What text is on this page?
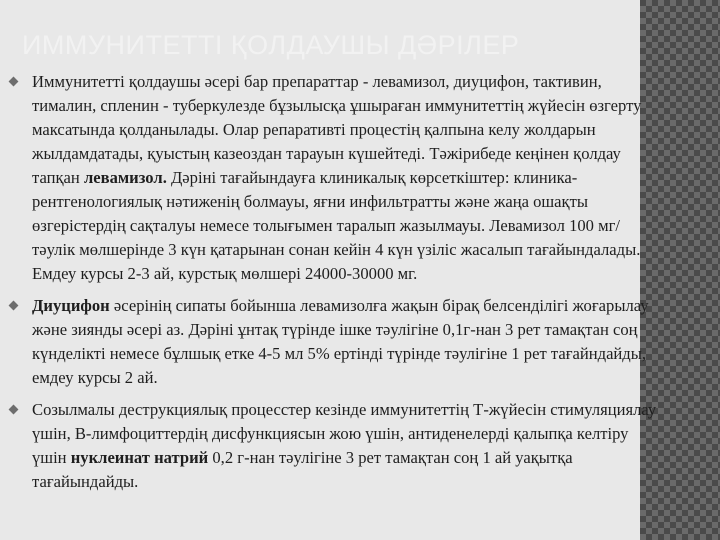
ИММУНИТЕТТІ ҚОЛДАУШЫ ДӘРІЛЕР
Иммунитетті қолдаушы әсері бар препараттар - левамизол, диуцифон, тактивин, тималин, спленин - туберкулезде бұзылысқа ұшыраған иммунитеттің жүйесін өзгерту максатында қолданылады. Олар репаративті процестің қалпына келу жолдарын жылдамдатады, қуыстың казеоздан тарауын күшейтеді. Тәжірибеде кеңінен қолдау тапқан левамизол. Дәріні тағайындауға клиникалық көрсеткіштер: клиника-рентгенологиялық нәтиженің болмауы, яғни инфильтратты және жаңа ошақты өзгерістердің сақталуы немесе толығымен таралып жазылмауы. Левамизол 100 мг/тәулік мөлшерінде 3 күн қатарынан сонан кейін 4 күн үзіліс жасалып тағайындалады. Емдеу курсы 2-3 ай, курстық мөлшері 24000-30000 мг.
Диуцифон әсерінің сипаты бойынша левамизолға жақын бірақ белсенділігі жоғарылау және зиянды әсері аз. Дәріні ұнтақ түрінде ішке тәулігіне 0,1г-нан 3 рет тамақтан соң күнделікті немесе бұлшық етке 4-5 мл 5% ертінді түрінде тәулігіне 1 рет тағайндайды, емдеу курсы 2 ай.
Созылмалы деструкциялық процесстер кезінде иммунитеттің Т-жүйесін стимуляциялау үшін, В-лимфоциттердің дисфункциясын жою үшін, антиденелерді қалыпқа келтіру үшін нуклеинат натрий 0,2 г-нан тәулігіне 3 рет тамақтан соң 1 ай уақытқа тағайындайды.
